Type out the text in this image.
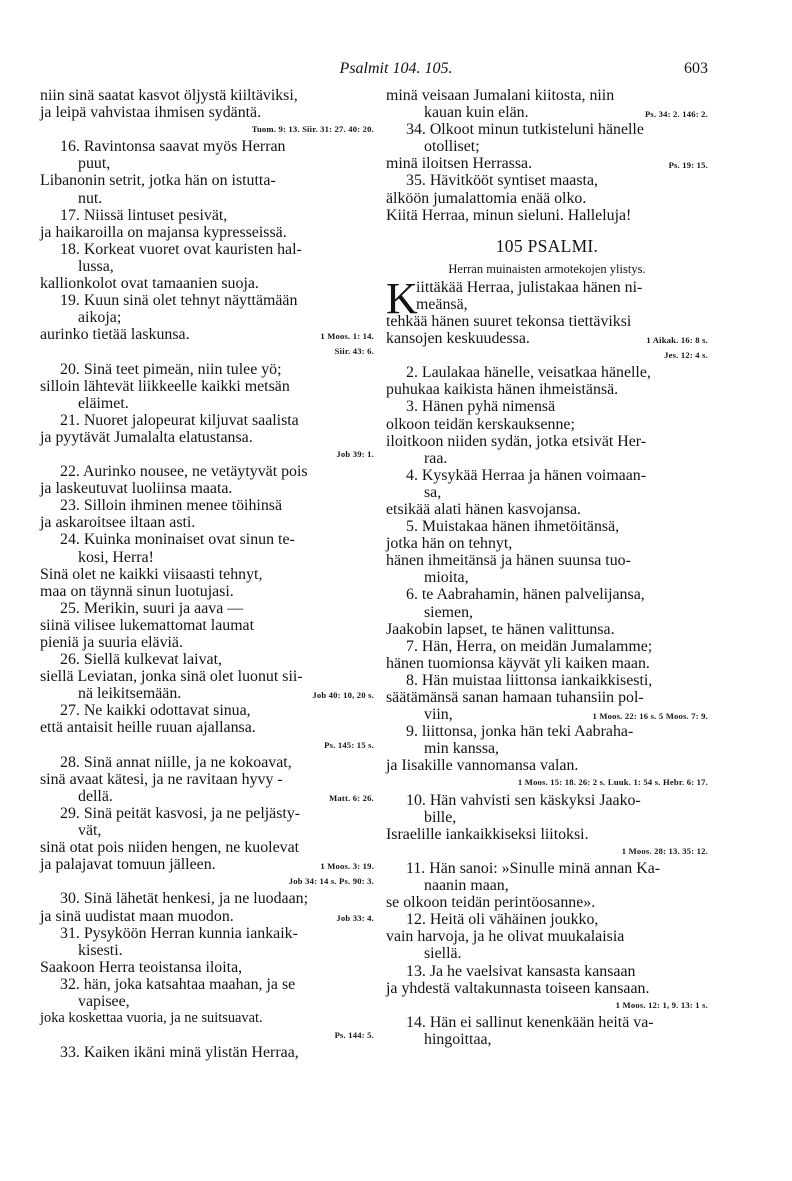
Psalmit 104. 105.	603
niin sinä saatat kasvot öljystä kiiltäviksi,
ja leipä vahvistaa ihmisen sydäntä.
Tuom. 9: 13. Siir. 31: 27. 40: 20.
16. Ravintonsa saavat myös Herran
puut,
Libanonin setrit, jotka hän on istutta-
nut.
17. Niissä lintuset pesivät,
ja haikaroilla on majansa kypresseissä.
18. Korkeat vuoret ovat kauristen hal-
lussa,
kallionkolot ovat tamaanien suoja.
19. Kuun sinä olet tehnyt näyttämään
aikoja;
aurinko tietää laskunsa.	1 Moos. 1: 14.
Siir. 43: 6.
20. Sinä teet pimeän, niin tulee yö;
silloin lähtevät liikkeelle kaikki metsän
eläimet.
21. Nuoret jalopeurat kiljuvat saalista
ja pyytävät Jumalalta elatustansa.
Job 39: 1.
22. Aurinko nousee, ne vetäytyvät pois
ja laskeutuvat luoliinsa maata.
23. Silloin ihminen menee töihinsä
ja askaroitsee iltaan asti.
24. Kuinka moninaiset ovat sinun te-
kosi, Herra!
Sinä olet ne kaikki viisaasti tehnyt,
maa on täynnä sinun luotujasi.
25. Merikin, suuri ja aava —
siinä vilisee lukemattomat laumat
pieniä ja suuria eläviä.
26. Siellä kulkevat laivat,
siellä Leviatan, jonka sinä olet luonut sii-
nä leikitsemään.	Job 40: 10, 20 s.
27. Ne kaikki odottavat sinua,
että antaisit heille ruuan ajallansa.
Ps. 145: 15 s.
28. Sinä annat niille, ja ne kokoavat,
sinä avaat kätesi, ja ne ravitaan hyvy -
dellä.	Matt. 6: 26.
29. Sinä peität kasvosi, ja ne peljästy-
vät,
sinä otat pois niiden hengen, ne kuolevat
ja palajavat tomuun jälleen.	1 Moos. 3: 19.
Job 34: 14 s. Ps. 90: 3.
30. Sinä lähetät henkesi, ja ne luodaan;
ja sinä uudistat maan muodon.	Job 33: 4.
31. Pysyköön Herran kunnia iankaik-
kisesti.
Saakoon Herra teoistansa iloita,
32. hän, joka katsahtaa maahan, ja se
vapisee,
joka koskettaa vuoria, ja ne suitsuavat.
Ps. 144: 5.
33. Kaiken ikäni minä ylistän Herraa,
minä veisaan Jumalani kiitosta, niin
kauan kuin elän.	Ps. 34: 2. 146: 2.
34. Olkoot minun tutkisteluni hänelle
otolliset;
minä iloitsen Herrassa.	Ps. 19: 15.
35. Hävitkööt syntiset maasta,
älköön jumalattomia enää olko.
Kiitä Herraa, minun sieluni. Halleluja!
105 PSALMI.
Herran muinaisten armotekojen ylistys.
K
iittäkää Herraa, julistakaa hänen ni-
meänsä,
tehkää hänen suuret tekonsa tiettäviksi
kansojen keskuudessa.	1 Aikak. 16: 8 s.
Jes. 12: 4 s.
2. Laulakaa hänelle, veisatkaa hänelle,
puhukaa kaikista hänen ihmeistänsä.
3. Hänen pyhä nimensä
olkoon teidän kerskauksenne;
iloitkoon niiden sydän, jotka etsivät Her-
raa.
4. Kysykää Herraa ja hänen voimaan-
sa,
etsikää alati hänen kasvojansa.
5. Muistakaa hänen ihmetöitänsä,
jotka hän on tehnyt,
hänen ihmeitänsä ja hänen suunsa tuo-
mioita,
6. te Aabrahamin, hänen palvelijansa,
siemen,
Jaakobin lapset, te hänen valittunsa.
7. Hän, Herra, on meidän Jumalamme;
hänen tuomionsa käyvät yli kaiken maan.
8. Hän muistaa liittonsa iankaikkisesti,
säätämänsä sanan hamaan tuhansiin pol-
viin,	1 Moos. 22: 16 s. 5 Moos. 7: 9.
9. liittonsa, jonka hän teki Aabraha-
min kanssa,
ja Iisakille vannomansa valan.
1 Moos. 15: 18. 26: 2 s. Luuk. 1: 54 s. Hebr. 6: 17.
10. Hän vahvisti sen käskyksi Jaako-
bille,
Israelille iankaikkiseksi liitoksi.
1 Moos. 28: 13. 35: 12.
11. Hän sanoi: »Sinulle minä annan Ka-
naanin maan,
se olkoon teidän perintöosanne».
12. Heitä oli vähäinen joukko,
vain harvoja, ja he olivat muukalaisia
siellä.
13. Ja he vaelsivat kansasta kansaan
ja yhdestä valtakunnasta toiseen kansaan.
1 Moos. 12: 1, 9. 13: 1 s.
14. Hän ei sallinut kenenkään heitä va-
hingoittaa,
